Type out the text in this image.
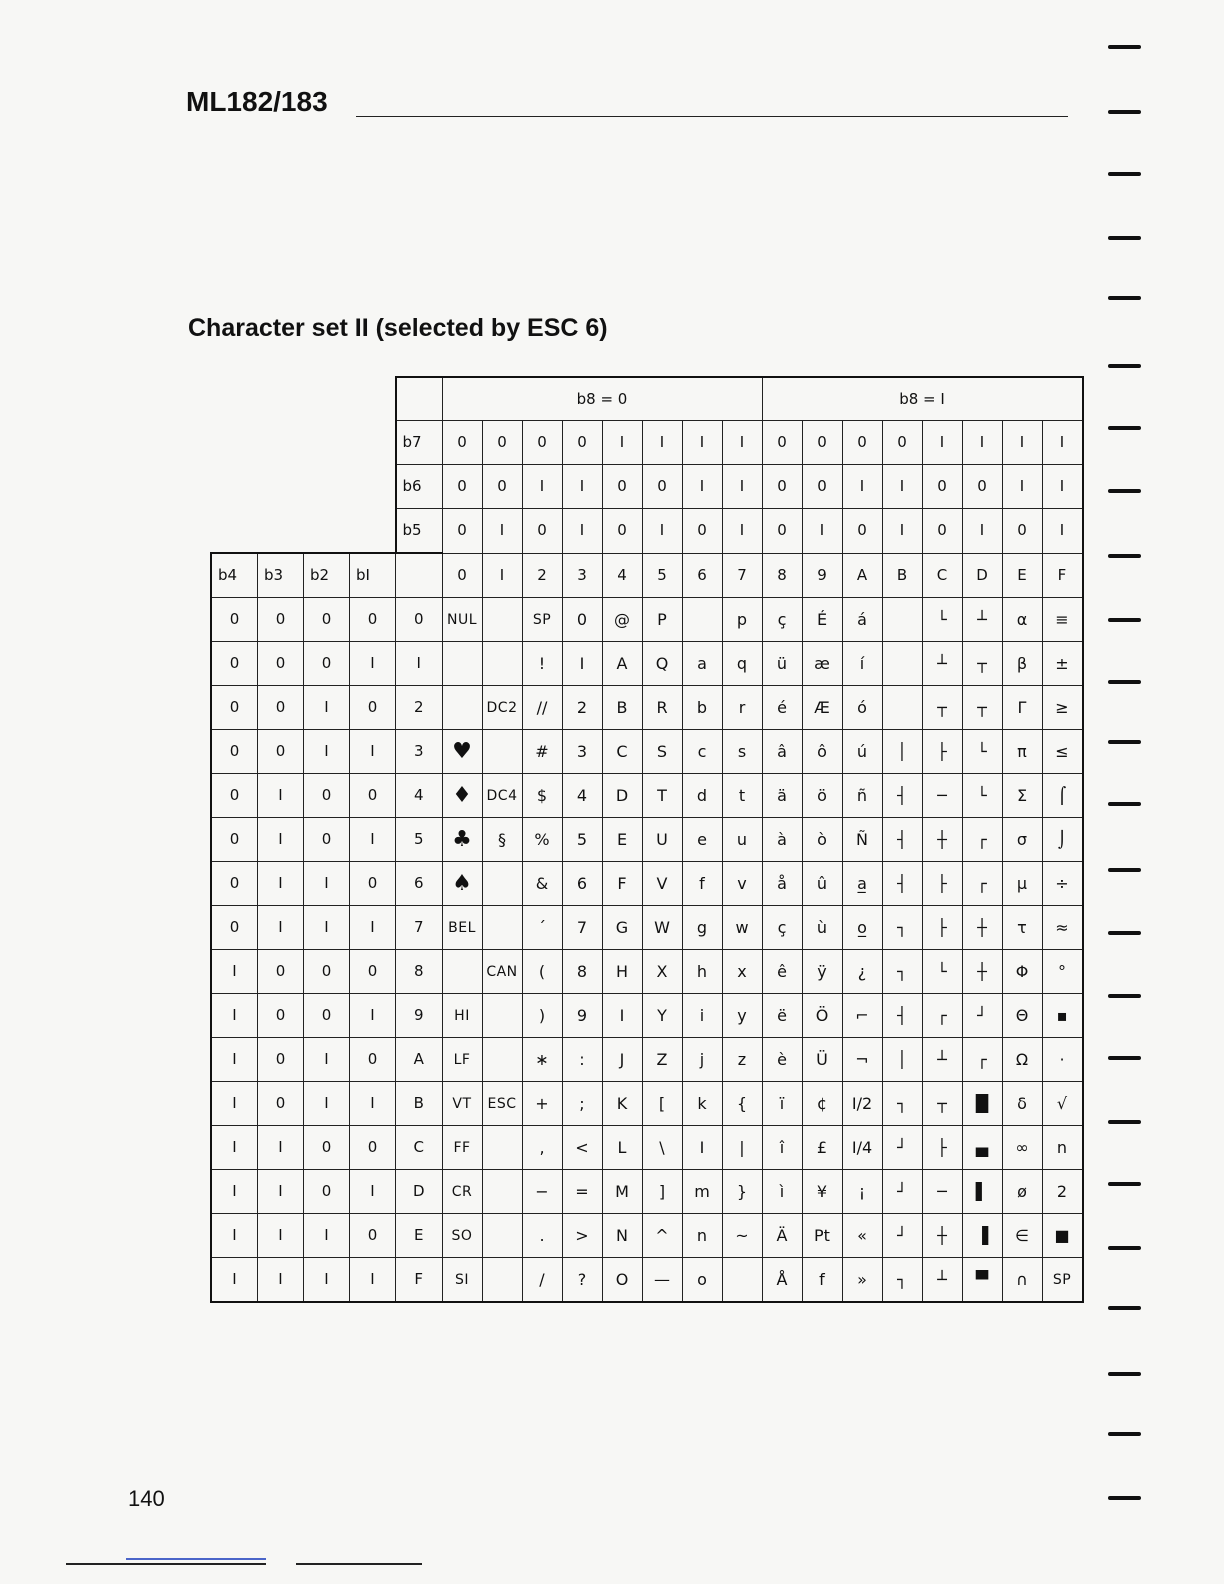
ML182/183
Character set II (selected by ESC 6)
					b8 = 0								b8 = I							
				b7	0	0	0	0	I	I	I	I	0	0	0	0	I	I	I	I
				b6	0	0	I	I	0	0	I	I	0	0	I	I	0	0	I	I
				b5	0	I	0	I	0	I	0	I	0	I	0	I	0	I	0	I
b4	b3	b2	bI		0	I	2	3	4	5	6	7	8	9	A	B	C	D	E	F
0	0	0	0	0	NUL		SP	0	@	P		p	ç	É	á		└	┴	α	≡
0	0	0	I	I			!	I	A	Q	a	q	ü	æ	í		┴	┬	β	±
0	0	I	0	2		DC2	//	2	B	R	b	r	é	Æ	ó		┬	┬	Γ	≥
0	0	I	I	3	♥		#	3	C	S	c	s	â	ô	ú	│	├	└	π	≤
0	I	0	0	4	♦	DC4	$	4	D	T	d	t	ä	ö	ñ	┤	─	└	Σ	⌠
0	I	0	I	5	♣	§	%	5	E	U	e	u	à	ò	Ñ	┤	┼	┌	σ	⌡
0	I	I	0	6	♠		&	6	F	V	f	v	å	û	a̲	┤	├	┌	µ	÷
0	I	I	I	7	BEL		´	7	G	W	g	w	ç	ù	o̲	┐	├	┼	τ	≈
I	0	0	0	8		CAN	(	8	H	X	h	x	ê	ÿ	¿	┐	└	┼	Φ	°
I	0	0	I	9	HI		)	9	I	Y	i	y	ë	Ö	⌐	┤	┌	┘	Θ	▪
I	0	I	0	A	LF		∗	:	J	Z	j	z	è	Ü	¬	│	┴	┌	Ω	·
I	0	I	I	B	VT	ESC	+	;	K	[	k	{	ï	¢	I/2	┐	┬	█	δ	√
I	I	0	0	C	FF		,	<	L	\	I	|	î	£	I/4	┘	├	▄	∞	n
I	I	0	I	D	CR		−	=	M	]	m	}	ì	¥	¡	┘	─	▌	ø	2
I	I	I	0	E	SO		.	>	N	^	n	~	Ä	Pt	«	┘	┼	▐	∈	■
I	I	I	I	F	SI		/	?	O	—	o		Å	f	»	┐	┴	▀	∩	SP
140
